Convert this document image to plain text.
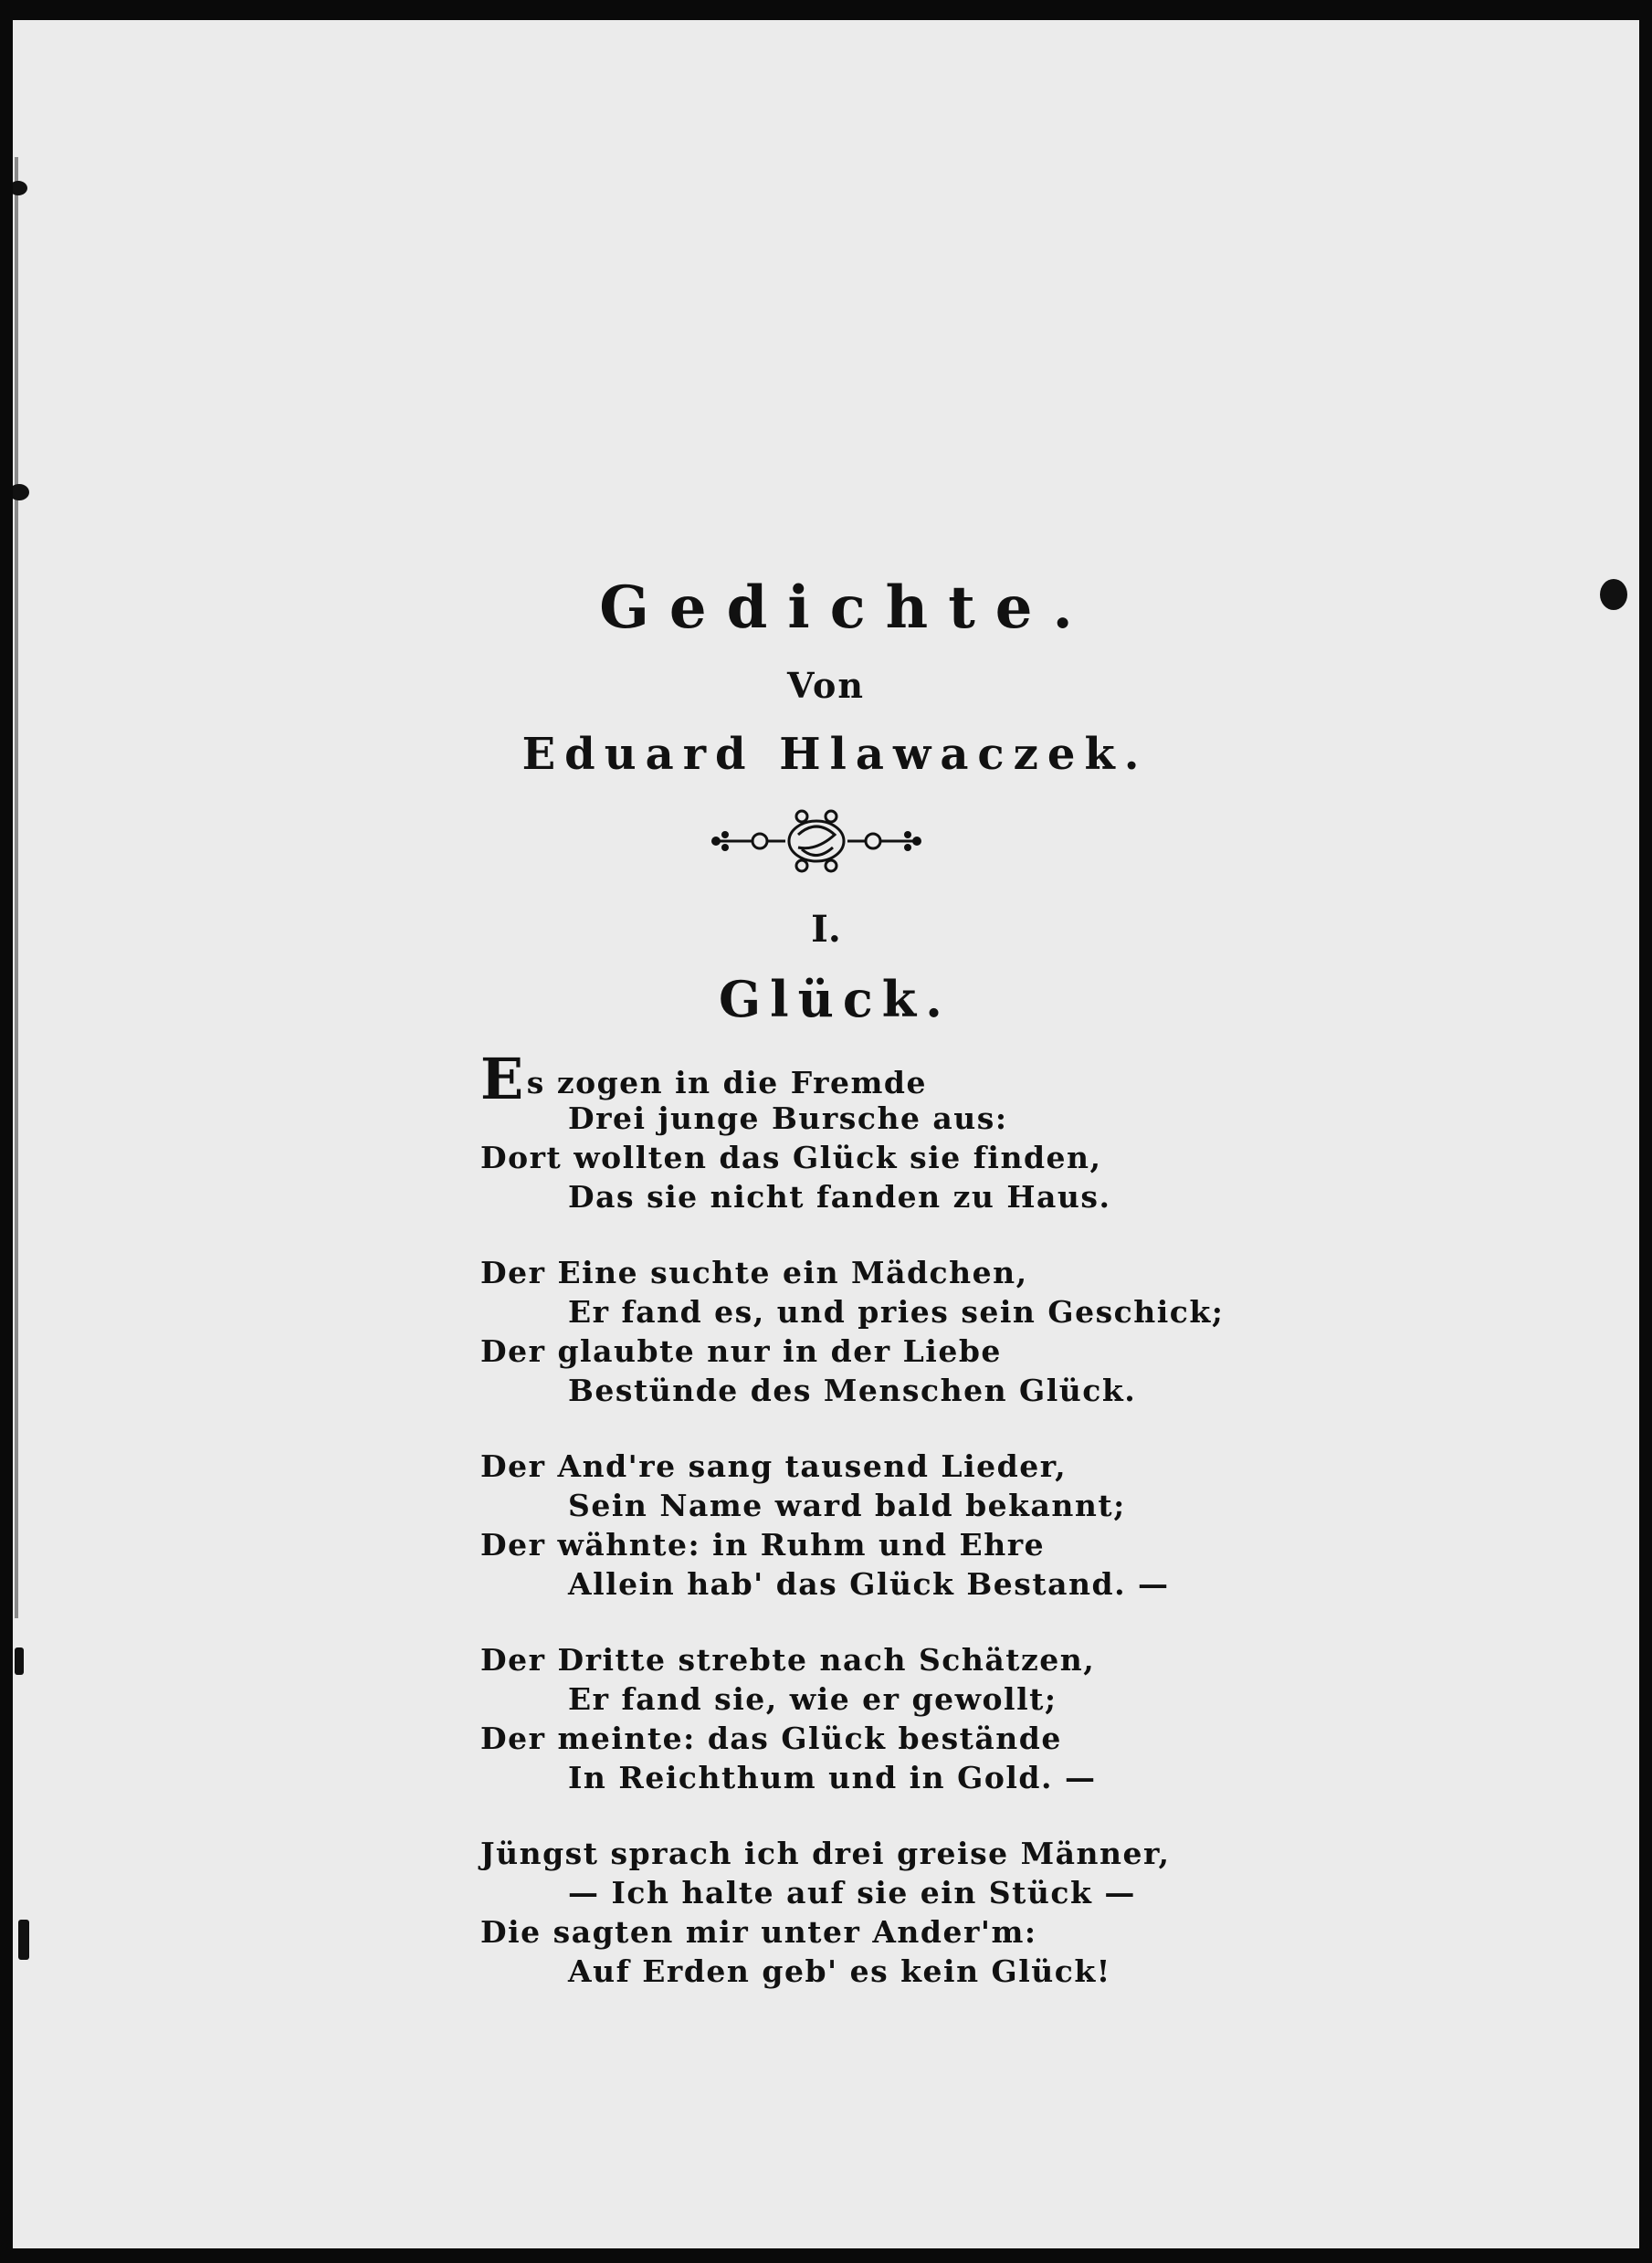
Gedichte.
Von
Eduard Hlawaczek.
I.
Glück.
Es zogen in die Fremde
Drei junge Bursche aus:
Dort wollten das Glück sie finden,
Das sie nicht fanden zu Haus.
Der Eine suchte ein Mädchen,
Er fand es, und pries sein Geschick;
Der glaubte nur in der Liebe
Bestünde des Menschen Glück.
Der And're sang tausend Lieder,
Sein Name ward bald bekannt;
Der wähnte: in Ruhm und Ehre
Allein hab' das Glück Bestand. —
Der Dritte strebte nach Schätzen,
Er fand sie, wie er gewollt;
Der meinte: das Glück bestände
In Reichthum und in Gold. —
Jüngst sprach ich drei greise Männer,
— Ich halte auf sie ein Stück —
Die sagten mir unter Ander'm:
Auf Erden geb' es kein Glück!
